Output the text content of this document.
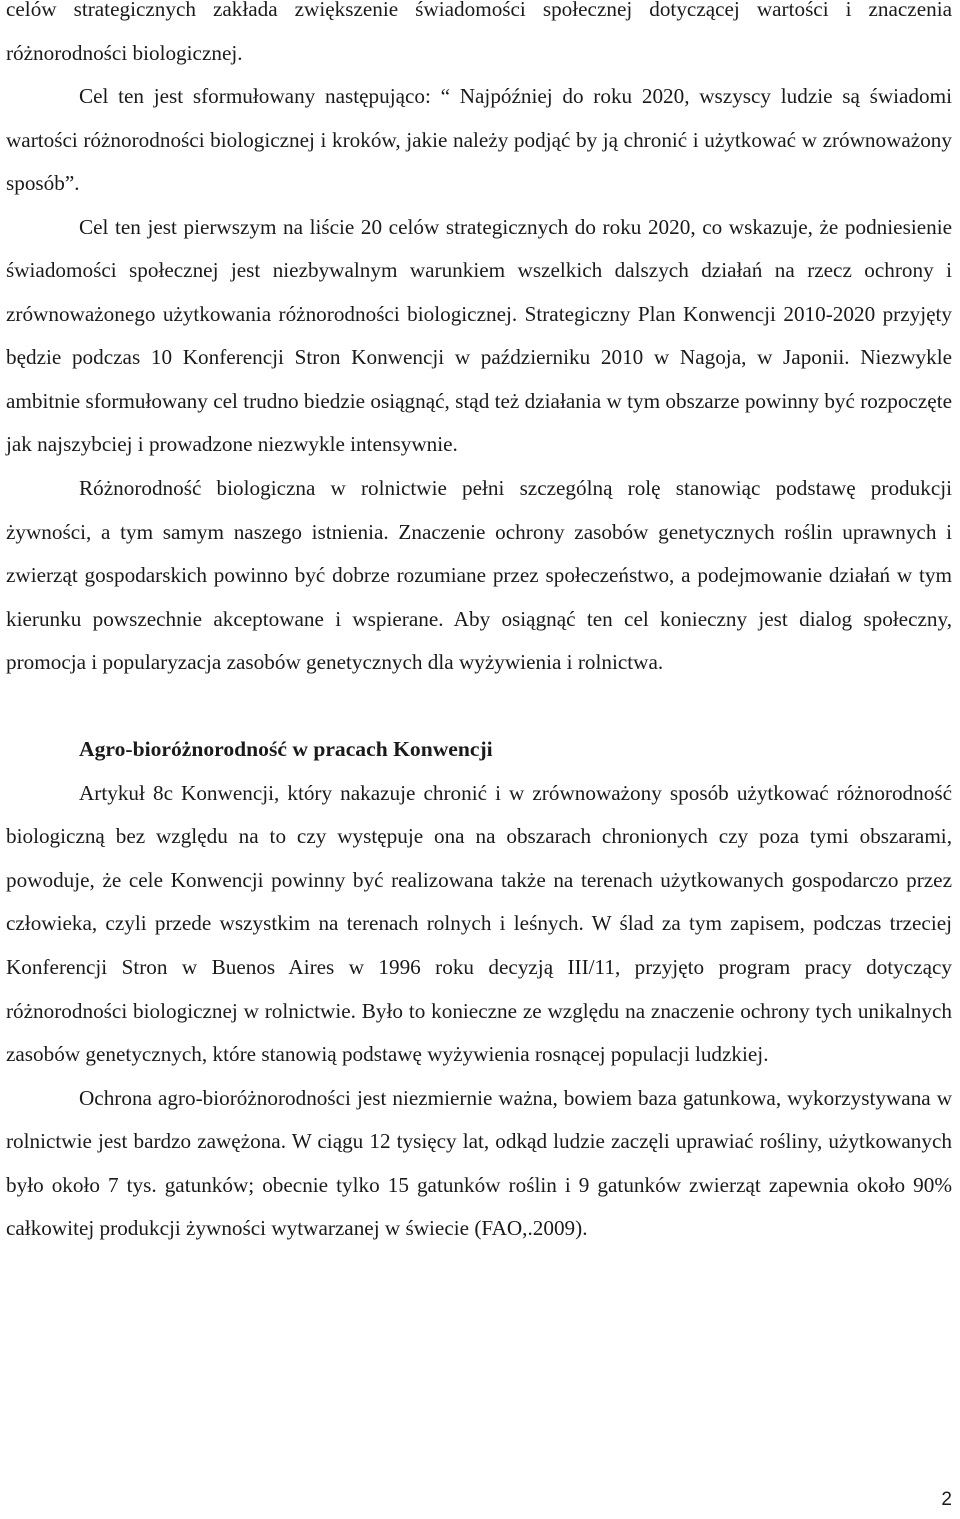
celów strategicznych zakłada zwiększenie świadomości społecznej dotyczącej wartości i znaczenia różnorodności biologicznej.

Cel ten jest sformułowany następująco: “ Najpóźniej do roku 2020, wszyscy ludzie są świadomi wartości różnorodności biologicznej i kroków, jakie należy podjąć by ją chronić i użytkować w zrównoważony sposób”.

Cel ten jest pierwszym na liście 20 celów strategicznych do roku 2020, co wskazuje, że podniesienie świadomości społecznej jest niezbywalnym warunkiem wszelkich dalszych działań na rzecz ochrony i zrównoważonego użytkowania różnorodności biologicznej. Strategiczny Plan Konwencji 2010-2020 przyjęty będzie podczas 10 Konferencji Stron Konwencji w październiku 2010 w Nagoja, w Japonii. Niezwykle ambitnie sformułowany cel trudno biedzie osiągnąć, stąd też działania w tym obszarze powinny być rozpoczęte jak najszybciej i prowadzone niezwykle intensywnie.

Różnorodność biologiczna w rolnictwie pełni szczególną rolę stanowiąc podstawę produkcji żywności, a tym samym naszego istnienia. Znaczenie ochrony zasobów genetycznych roślin uprawnych i zwierząt gospodarskich powinno być dobrze rozumiane przez społeczeństwo, a podejmowanie działań w tym kierunku powszechnie akceptowane i wspierane. Aby osiągnąć ten cel konieczny jest dialog społeczny, promocja i popularyzacja zasobów genetycznych dla wyżywienia i rolnictwa.

Agro-bioróżnorodność w pracach Konwencji

Artykuł 8c Konwencji, który nakazuje chronić i w zrównoważony sposób użytkować różnorodność biologiczną bez względu na to czy występuje ona na obszarach chronionych czy poza tymi obszarami, powoduje, że cele Konwencji powinny być realizowana także na terenach użytkowanych gospodarczo przez człowieka, czyli przede wszystkim na terenach rolnych i leśnych. W ślad za tym zapisem, podczas trzeciej Konferencji Stron w Buenos Aires w 1996 roku decyzją III/11, przyjęto program pracy dotyczący różnorodności biologicznej w rolnictwie. Było to konieczne ze względu na znaczenie ochrony tych unikalnych zasobów genetycznych, które stanowią podstawę wyżywienia rosnącej populacji ludzkiej.

Ochrona agro-bioróżnorodności jest niezmiernie ważna, bowiem baza gatunkowa, wykorzystywana w rolnictwie jest bardzo zawężona. W ciągu 12 tysięcy lat, odkąd ludzie zaczęli uprawiać rośliny, użytkowanych było około 7 tys. gatunków; obecnie tylko 15 gatunków roślin i 9 gatunków zwierząt zapewnia około 90% całkowitej produkcji żywności wytwarzanej w świecie (FAO,.2009).

2
